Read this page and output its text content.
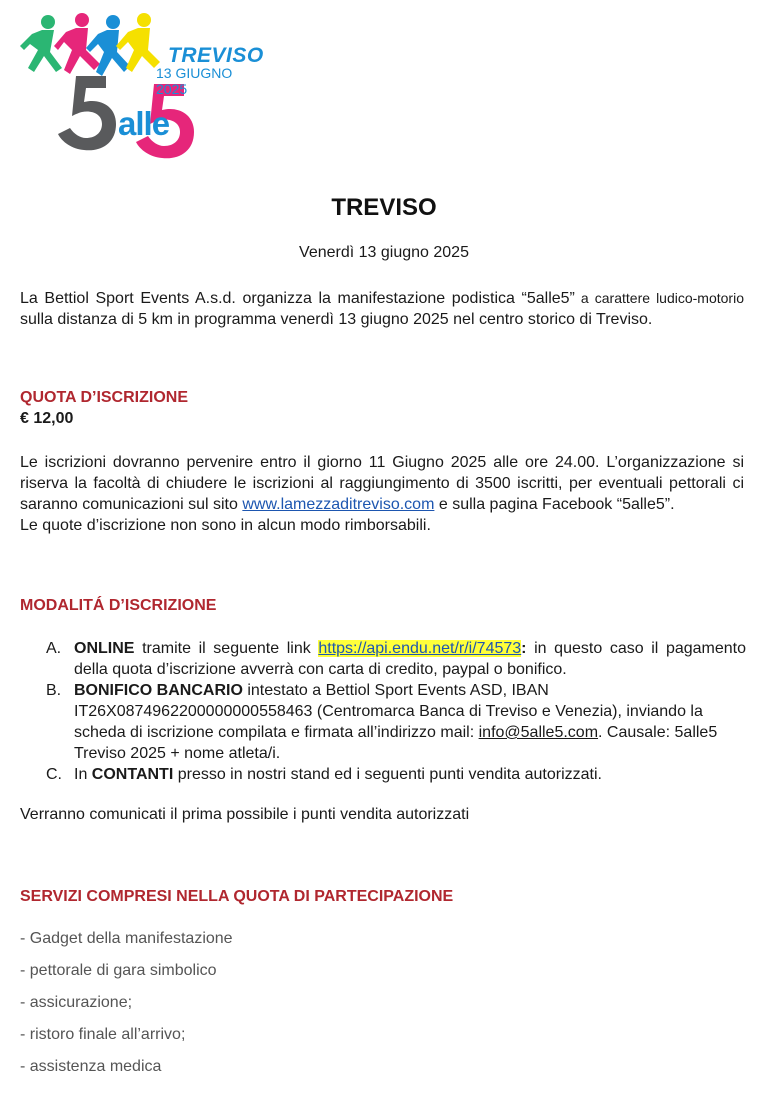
TREVISO
13 GIUGNO 2025
alle
TREVISO
Venerdì 13 giugno 2025
La Bettiol Sport Events A.s.d. organizza la manifestazione podistica “5alle5” a carattere ludico-motorio sulla distanza di 5 km in programma venerdì 13 giugno 2025 nel centro storico di Treviso.
QUOTA D’ISCRIZIONE
€ 12,00
Le iscrizioni dovranno pervenire entro il giorno 11 Giugno 2025 alle ore 24.00. L’organizzazione si riserva la facoltà di chiudere le iscrizioni al raggiungimento di 3500 iscritti, per eventuali pettorali ci saranno comunicazioni sul sito www.lamezzaditreviso.com e sulla pagina Facebook “5alle5”.
Le quote d’iscrizione non sono in alcun modo rimborsabili.
MODALITÁ D’ISCRIZIONE
A. ONLINE tramite il seguente link https://api.endu.net/r/i/74573: in questo caso il pagamento della quota d’iscrizione avverrà con carta di credito, paypal o bonifico.
B. BONIFICO BANCARIO intestato a Bettiol Sport Events ASD, IBAN IT26X0874962200000000558463 (Centromarca Banca di Treviso e Venezia), inviando la scheda di iscrizione compilata e firmata all’indirizzo mail: info@5alle5.com. Causale: 5alle5 Treviso 2025 + nome atleta/i.
C. In CONTANTI presso in nostri stand ed i seguenti punti vendita autorizzati.
Verranno comunicati il prima possibile i punti vendita autorizzati
SERVIZI COMPRESI NELLA QUOTA DI PARTECIPAZIONE
- Gadget della manifestazione
- pettorale di gara simbolico
- assicurazione;
- ristoro finale all’arrivo;
- assistenza medica
